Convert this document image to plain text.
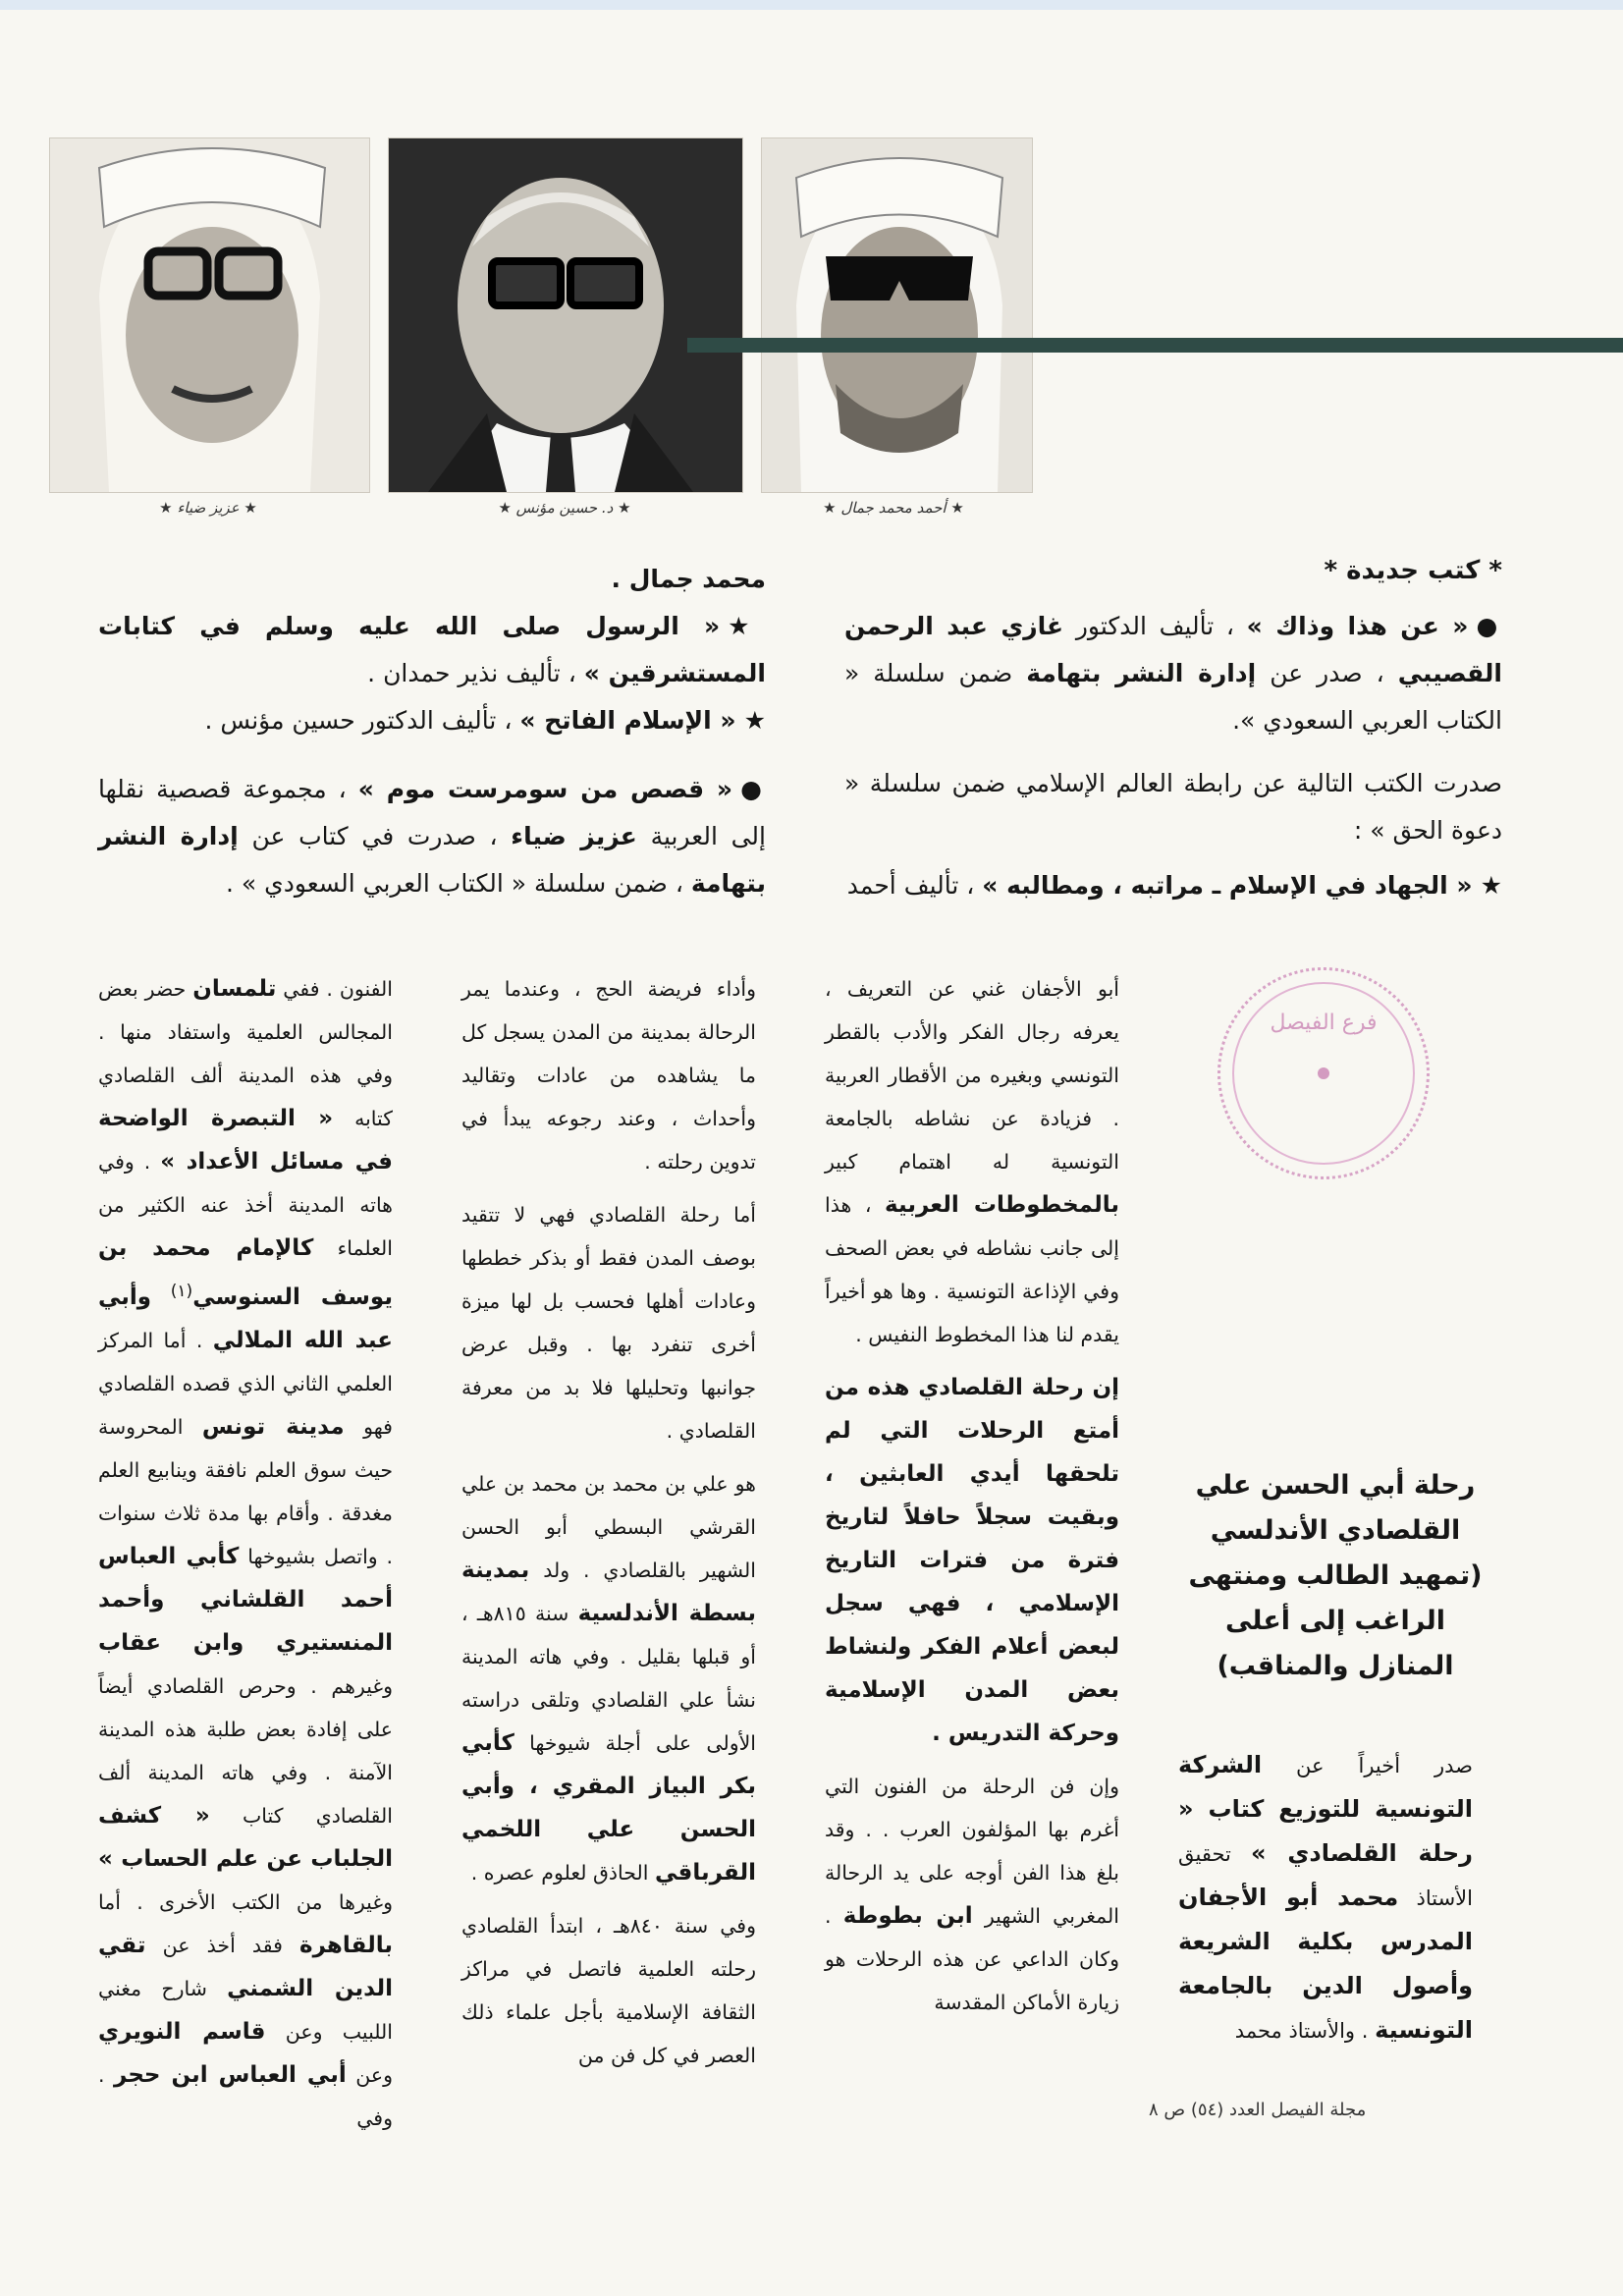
★ عزيز ضياء ★	★ د. حسين مؤنس ★	★ أحمد محمد جمال ★
* كتب جديدة *

●« عن هذا وذاك » ، تأليف الدكتور غازي عبد الرحمن القصيبي ، صدر عن إدارة النشر بتهامة ضمن سلسلة « الكتاب العربي السعودي ».

صدرت الكتب التالية عن رابطة العالم الإسلامي ضمن سلسلة « دعوة الحق » :

★« الجهاد في الإسلام ـ مراتبه ، ومطالبه » ، تأليف أحمد

محمد جمال .

★« الرسول صلى الله عليه وسلم في كتابات المستشرقين » ، تأليف نذير حمدان .

★« الإسلام الفاتح » ، تأليف الدكتور حسين مؤنس .

●« قصص من سومرست موم » ، مجموعة قصصية نقلها إلى العربية عزيز ضياء ، صدرت في كتاب عن إدارة النشر بتهامة ، ضمن سلسلة « الكتاب العربي السعودي » .

فرع الفيصل
رحلة أبي الحسن علي القلصادي الأندلسي (تمهيد الطالب ومنتهى الراغب إلى أعلى المنازل والمناقب)
صدر أخيراً عن الشركة التونسية للتوزيع كتاب « رحلة القلصادي » تحقيق الأستاذ محمد أبو الأجفان المدرس بكلية الشريعة وأصول الدين بالجامعة التونسية . والأستاذ محمد
أبو الأجفان غني عن التعريف ، يعرفه رجال الفكر والأدب بالقطر التونسي وبغيره من الأقطار العربية . فزيادة عن نشاطه بالجامعة التونسية له اهتمام كبير بالمخطوطات العربية ، هذا إلى جانب نشاطه في بعض الصحف وفي الإذاعة التونسية . وها هو أخيراً يقدم لنا هذا المخطوط النفيس .
إن رحلة القلصادي هذه من أمتع الرحلات التي لم تلحقها أيدي العابثين ، وبقيت سجلاً حافلاً لتاريخ فترة من فترات التاريخ الإسلامي ، فهي سجل لبعض أعلام الفكر ولنشاط بعض المدن الإسلامية وحركة التدريس .
وإن فن الرحلة من الفنون التي أغرم بها المؤلفون العرب . . وقد بلغ هذا الفن أوجه على يد الرحالة المغربي الشهير ابن بطوطة . وكان الداعي عن هذه الرحلات هو زيارة الأماكن المقدسة
وأداء فريضة الحج ، وعندما يمر الرحالة بمدينة من المدن يسجل كل ما يشاهده من عادات وتقاليد وأحداث ، وعند رجوعه يبدأ في تدوين رحلته .
أما رحلة القلصادي فهي لا تتقيد بوصف المدن فقط أو بذكر خططها وعادات أهلها فحسب بل لها ميزة أخرى تنفرد بها . وقبل عرض جوانبها وتحليلها فلا بد من معرفة القلصادي .
هو علي بن محمد بن محمد بن علي القرشي البسطي أبو الحسن الشهير بالقلصادي . ولد بمدينة بسطة الأندلسية سنة ٨١٥هـ ، أو قبلها بقليل . وفي هاته المدينة نشأ علي القلصادي وتلقى دراسته الأولى على أجلة شيوخها كأبي بكر البياز المقري ، وأبي الحسن علي اللخمي القرباقي الحاذق لعلوم عصره .
وفي سنة ٨٤٠هـ ، ابتدأ القلصادي رحلته العلمية فاتصل في مراكز الثقافة الإسلامية بأجل علماء ذلك العصر في كل فن من
الفنون . ففي تلمسان حضر بعض المجالس العلمية واستفاد منها . وفي هذه المدينة ألف القلصادي كتابه « التبصرة الواضحة في مسائل الأعداد » . وفي هاته المدينة أخذ عنه الكثير من العلماء كالإمام محمد بن يوسف السنوسي$^{(١)}$ وأبي عبد الله الملالي . أما المركز العلمي الثاني الذي قصده القلصادي فهو مدينة تونس المحروسة حيث سوق العلم نافقة وينابيع العلم مغدقة . وأقام بها مدة ثلاث سنوات . واتصل بشيوخها كأبي العباس أحمد القلشاني وأحمد المنستيري وابن عقاب وغيرهم . وحرص القلصادي أيضاً على إفادة بعض طلبة هذه المدينة الآمنة . وفي هاته المدينة ألف القلصادي كتاب « كشف الجلباب عن علم الحساب » وغيرها من الكتب الأخرى . أما بالقاهرة فقد أخذ عن تقي الدين الشمني شارح مغني اللبيب وعن قاسم النويري وعن أبي العباس ابن حجر . وفي	مجلة الفيصل العدد (٥٤) ص ٨
